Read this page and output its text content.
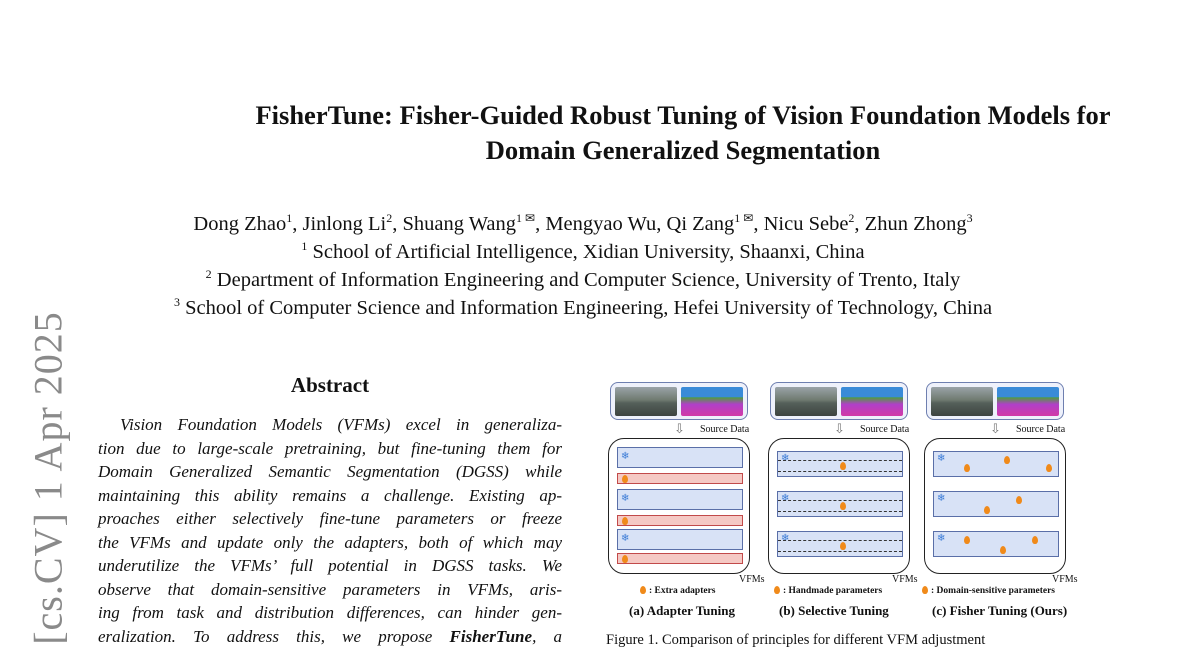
[cs.CV] 1 Apr 2025
FisherTune: Fisher-Guided Robust Tuning of Vision Foundation Models for
Domain Generalized Segmentation
Dong Zhao$^1$, Jinlong Li$^2$, Shuang Wang$^{1 ✉}$, Mengyao Wu, Qi Zang$^{1 ✉}$, Nicu Sebe$^2$, Zhun Zhong$^3$
$^1$ School of Artificial Intelligence, Xidian University, Shaanxi, China
$^2$ Department of Information Engineering and Computer Science, University of Trento, Italy
$^3$ School of Computer Science and Information Engineering, Hefei University of Technology, China
Abstract
Vision Foundation Models (VFMs) excel in generaliza-
tion due to large-scale pretraining, but fine-tuning them for
Domain Generalized Semantic Segmentation (DGSS) while
maintaining this ability remains a challenge. Existing ap-
proaches either selectively fine-tune parameters or freeze
the VFMs and update only the adapters, both of which may
underutilize the VFMs’ full potential in DGSS tasks. We
observe that domain-sensitive parameters in VFMs, aris-
ing from task and distribution differences, can hinder gen-
eralization. To address this, we propose FisherTune, a
⇩ Source Data
❄
❄
❄
VFMs
⇩ Source Data
❄
❄
❄
VFMs
⇩ Source Data
❄
❄
❄
VFMs
: Extra adapters	: Handmade parameters	: Domain-sensitive parameters
(a) Adapter Tuning	(b) Selective Tuning	(c) Fisher Tuning (Ours)
Figure 1. Comparison of principles for different VFM adjustment
